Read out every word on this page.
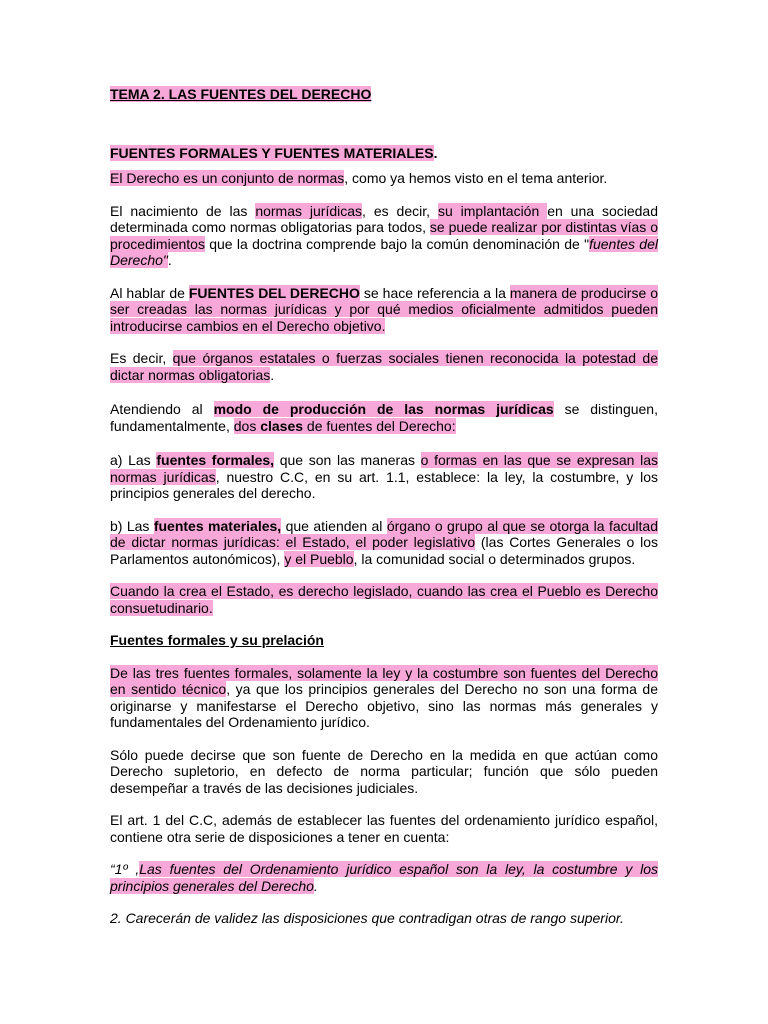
TEMA 2. LAS FUENTES DEL DERECHO

FUENTES FORMALES Y FUENTES MATERIALES.

El Derecho es un conjunto de normas, como ya hemos visto en el tema anterior.

El nacimiento de las normas jurídicas, es decir, su implantación en una sociedad determinada como normas obligatorias para todos, se puede realizar por distintas vías o procedimientos que la doctrina comprende bajo la común denominación de "fuentes del Derecho".

Al hablar de FUENTES DEL DERECHO se hace referencia a la manera de producirse o ser creadas las normas jurídicas y por qué medios oficialmente admitidos pueden introducirse cambios en el Derecho objetivo.

Es decir, que órganos estatales o fuerzas sociales tienen reconocida la potestad de dictar normas obligatorias.

Atendiendo al modo de producción de las normas jurídicas se distinguen, fundamentalmente, dos clases de fuentes del Derecho:

a) Las fuentes formales, que son las maneras o formas en las que se expresan las normas jurídicas, nuestro C.C, en su art. 1.1, establece: la ley, la costumbre, y los principios generales del derecho.

b) Las fuentes materiales, que atienden al órgano o grupo al que se otorga la facultad de dictar normas jurídicas: el Estado, el poder legislativo (las Cortes Generales o los Parlamentos autonómicos), y el Pueblo, la comunidad social o determinados grupos.

Cuando la crea el Estado, es derecho legislado, cuando las crea el Pueblo es Derecho consuetudinario.

Fuentes formales y su prelación

De las tres fuentes formales, solamente la ley y la costumbre son fuentes del Derecho en sentido técnico, ya que los principios generales del Derecho no son una forma de originarse y manifestarse el Derecho objetivo, sino las normas más generales y fundamentales del Ordenamiento jurídico.

Sólo puede decirse que son fuente de Derecho en la medida en que actúan como Derecho supletorio, en defecto de norma particular; función que sólo pueden desempeñar a través de las decisiones judiciales.

El art. 1 del C.C, además de establecer las fuentes del ordenamiento jurídico español, contiene otra serie de disposiciones a tener en cuenta:

“1º ,Las fuentes del Ordenamiento jurídico español son la ley, la costumbre y los principios generales del Derecho.

2. Carecerán de validez las disposiciones que contradigan otras de rango superior.
